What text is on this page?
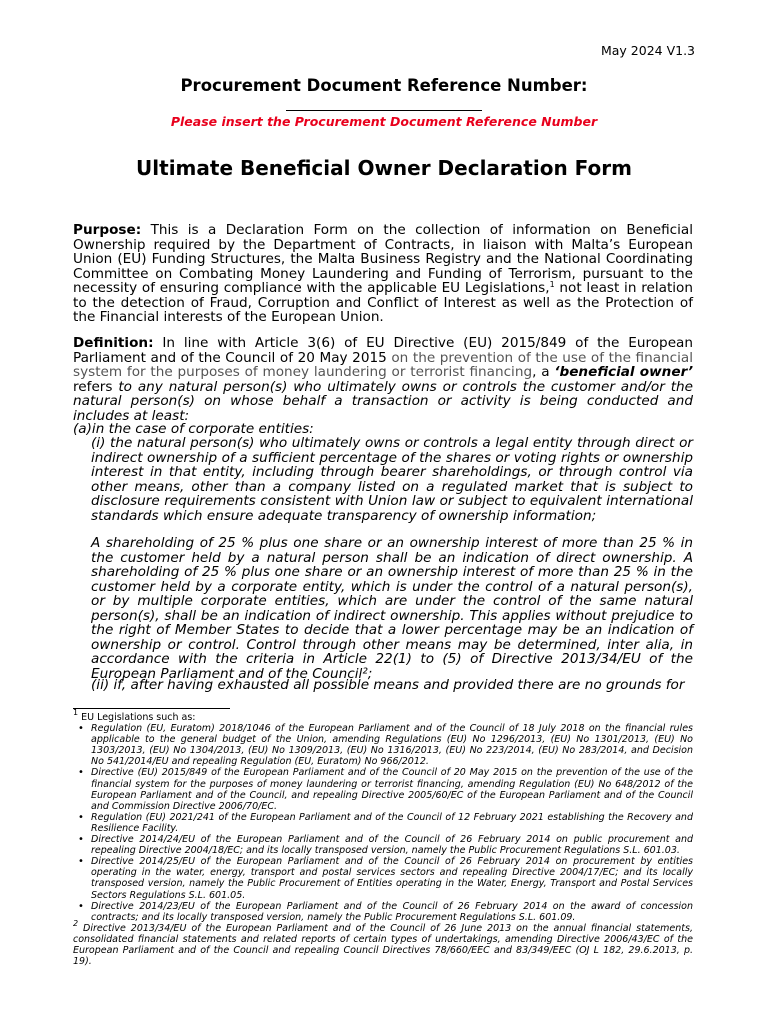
May 2024 V1.3
Procurement Document Reference Number:
Please insert the Procurement Document Reference Number
Ultimate Beneficial Owner Declaration Form
Purpose: This is a Declaration Form on the collection of information on Beneficial Ownership required by the Department of Contracts, in liaison with Malta’s European Union (EU) Funding Structures, the Malta Business Registry and the National Coordinating Committee on Combating Money Laundering and Funding of Terrorism, pursuant to the necessity of ensuring compliance with the applicable EU Legislations,$^1$ not least in relation to the detection of Fraud, Corruption and Conflict of Interest as well as the Protection of the Financial interests of the European Union.
Definition: In line with Article 3(6) of EU Directive (EU) 2015/849 of the European Parliament and of the Council of 20 May 2015 on the prevention of the use of the financial system for the purposes of money laundering or terrorist financing, a ‘beneficial owner’ refers to any natural person(s) who ultimately owns or controls the customer and/or the natural person(s) on whose behalf a transaction or activity is being conducted and includes at least:
(a)in the case of corporate entities:
(i) the natural person(s) who ultimately owns or controls a legal entity through direct or indirect ownership of a sufficient percentage of the shares or voting rights or ownership interest in that entity, including through bearer shareholdings, or through control via other means, other than a company listed on a regulated market that is subject to disclosure requirements consistent with Union law or subject to equivalent international standards which ensure adequate transparency of ownership information;
A shareholding of 25 % plus one share or an ownership interest of more than 25 % in the customer held by a natural person shall be an indication of direct ownership. A shareholding of 25 % plus one share or an ownership interest of more than 25 % in the customer held by a corporate entity, which is under the control of a natural person(s), or by multiple corporate entities, which are under the control of the same natural person(s), shall be an indication of indirect ownership. This applies without prejudice to the right of Member States to decide that a lower percentage may be an indication of ownership or control. Control through other means may be determined, inter alia, in accordance with the criteria in Article 22(1) to (5) of Directive 2013/34/EU of the European Parliament and of the Council²;
(ii) if, after having exhausted all possible means and provided there are no grounds for
$^1$ EU Legislations such as:
• Regulation (EU, Euratom) 2018/1046 of the European Parliament and of the Council of 18 July 2018 on the financial rules applicable to the general budget of the Union, amending Regulations (EU) No 1296/2013, (EU) No 1301/2013, (EU) No 1303/2013, (EU) No 1304/2013, (EU) No 1309/2013, (EU) No 1316/2013, (EU) No 223/2014, (EU) No 283/2014, and Decision No 541/2014/EU and repealing Regulation (EU, Euratom) No 966/2012.
• Directive (EU) 2015/849 of the European Parliament and of the Council of 20 May 2015 on the prevention of the use of the financial system for the purposes of money laundering or terrorist financing, amending Regulation (EU) No 648/2012 of the European Parliament and of the Council, and repealing Directive 2005/60/EC of the European Parliament and of the Council and Commission Directive 2006/70/EC.
• Regulation (EU) 2021/241 of the European Parliament and of the Council of 12 February 2021 establishing the Recovery and Resilience Facility.
• Directive 2014/24/EU of the European Parliament and of the Council of 26 February 2014 on public procurement and repealing Directive 2004/18/EC; and its locally transposed version, namely the Public Procurement Regulations S.L. 601.03.
• Directive 2014/25/EU of the European Parliament and of the Council of 26 February 2014 on procurement by entities operating in the water, energy, transport and postal services sectors and repealing Directive 2004/17/EC; and its locally transposed version, namely the Public Procurement of Entities operating in the Water, Energy, Transport and Postal Services Sectors Regulations S.L. 601.05.
• Directive 2014/23/EU of the European Parliament and of the Council of 26 February 2014 on the award of concession contracts; and its locally transposed version, namely the Public Procurement Regulations S.L. 601.09.
$^2$ Directive 2013/34/EU of the European Parliament and of the Council of 26 June 2013 on the annual financial statements, consolidated financial statements and related reports of certain types of undertakings, amending Directive 2006/43/EC of the European Parliament and of the Council and repealing Council Directives 78/660/EEC and 83/349/EEC (OJ L 182, 29.6.2013, p. 19).
